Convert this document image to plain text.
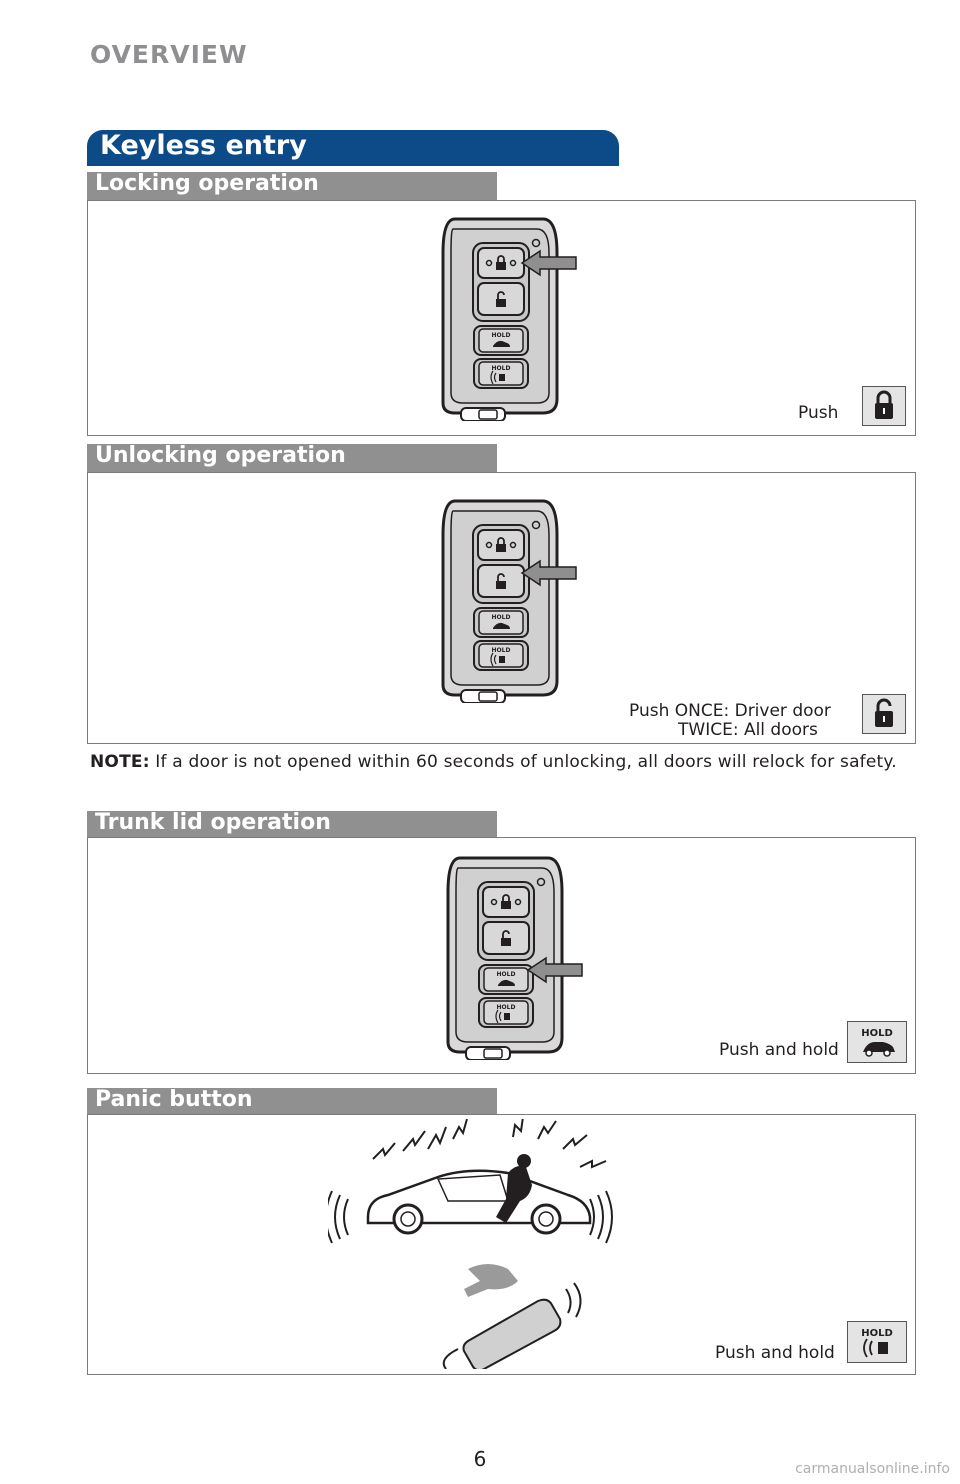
OVERVIEW
Keyless entry
Locking operation
HOLD
HOLD
Push
Unlocking operation
HOLD
HOLD
Push ONCE: Driver door
TWICE: All doors
NOTE: If a door is not opened within 60 seconds of unlocking, all doors will relock for safety.
Trunk lid operation
HOLD
HOLD
Push and hold
HOLD
Panic button
Push and hold
HOLD
6	carmanualsonline.info
